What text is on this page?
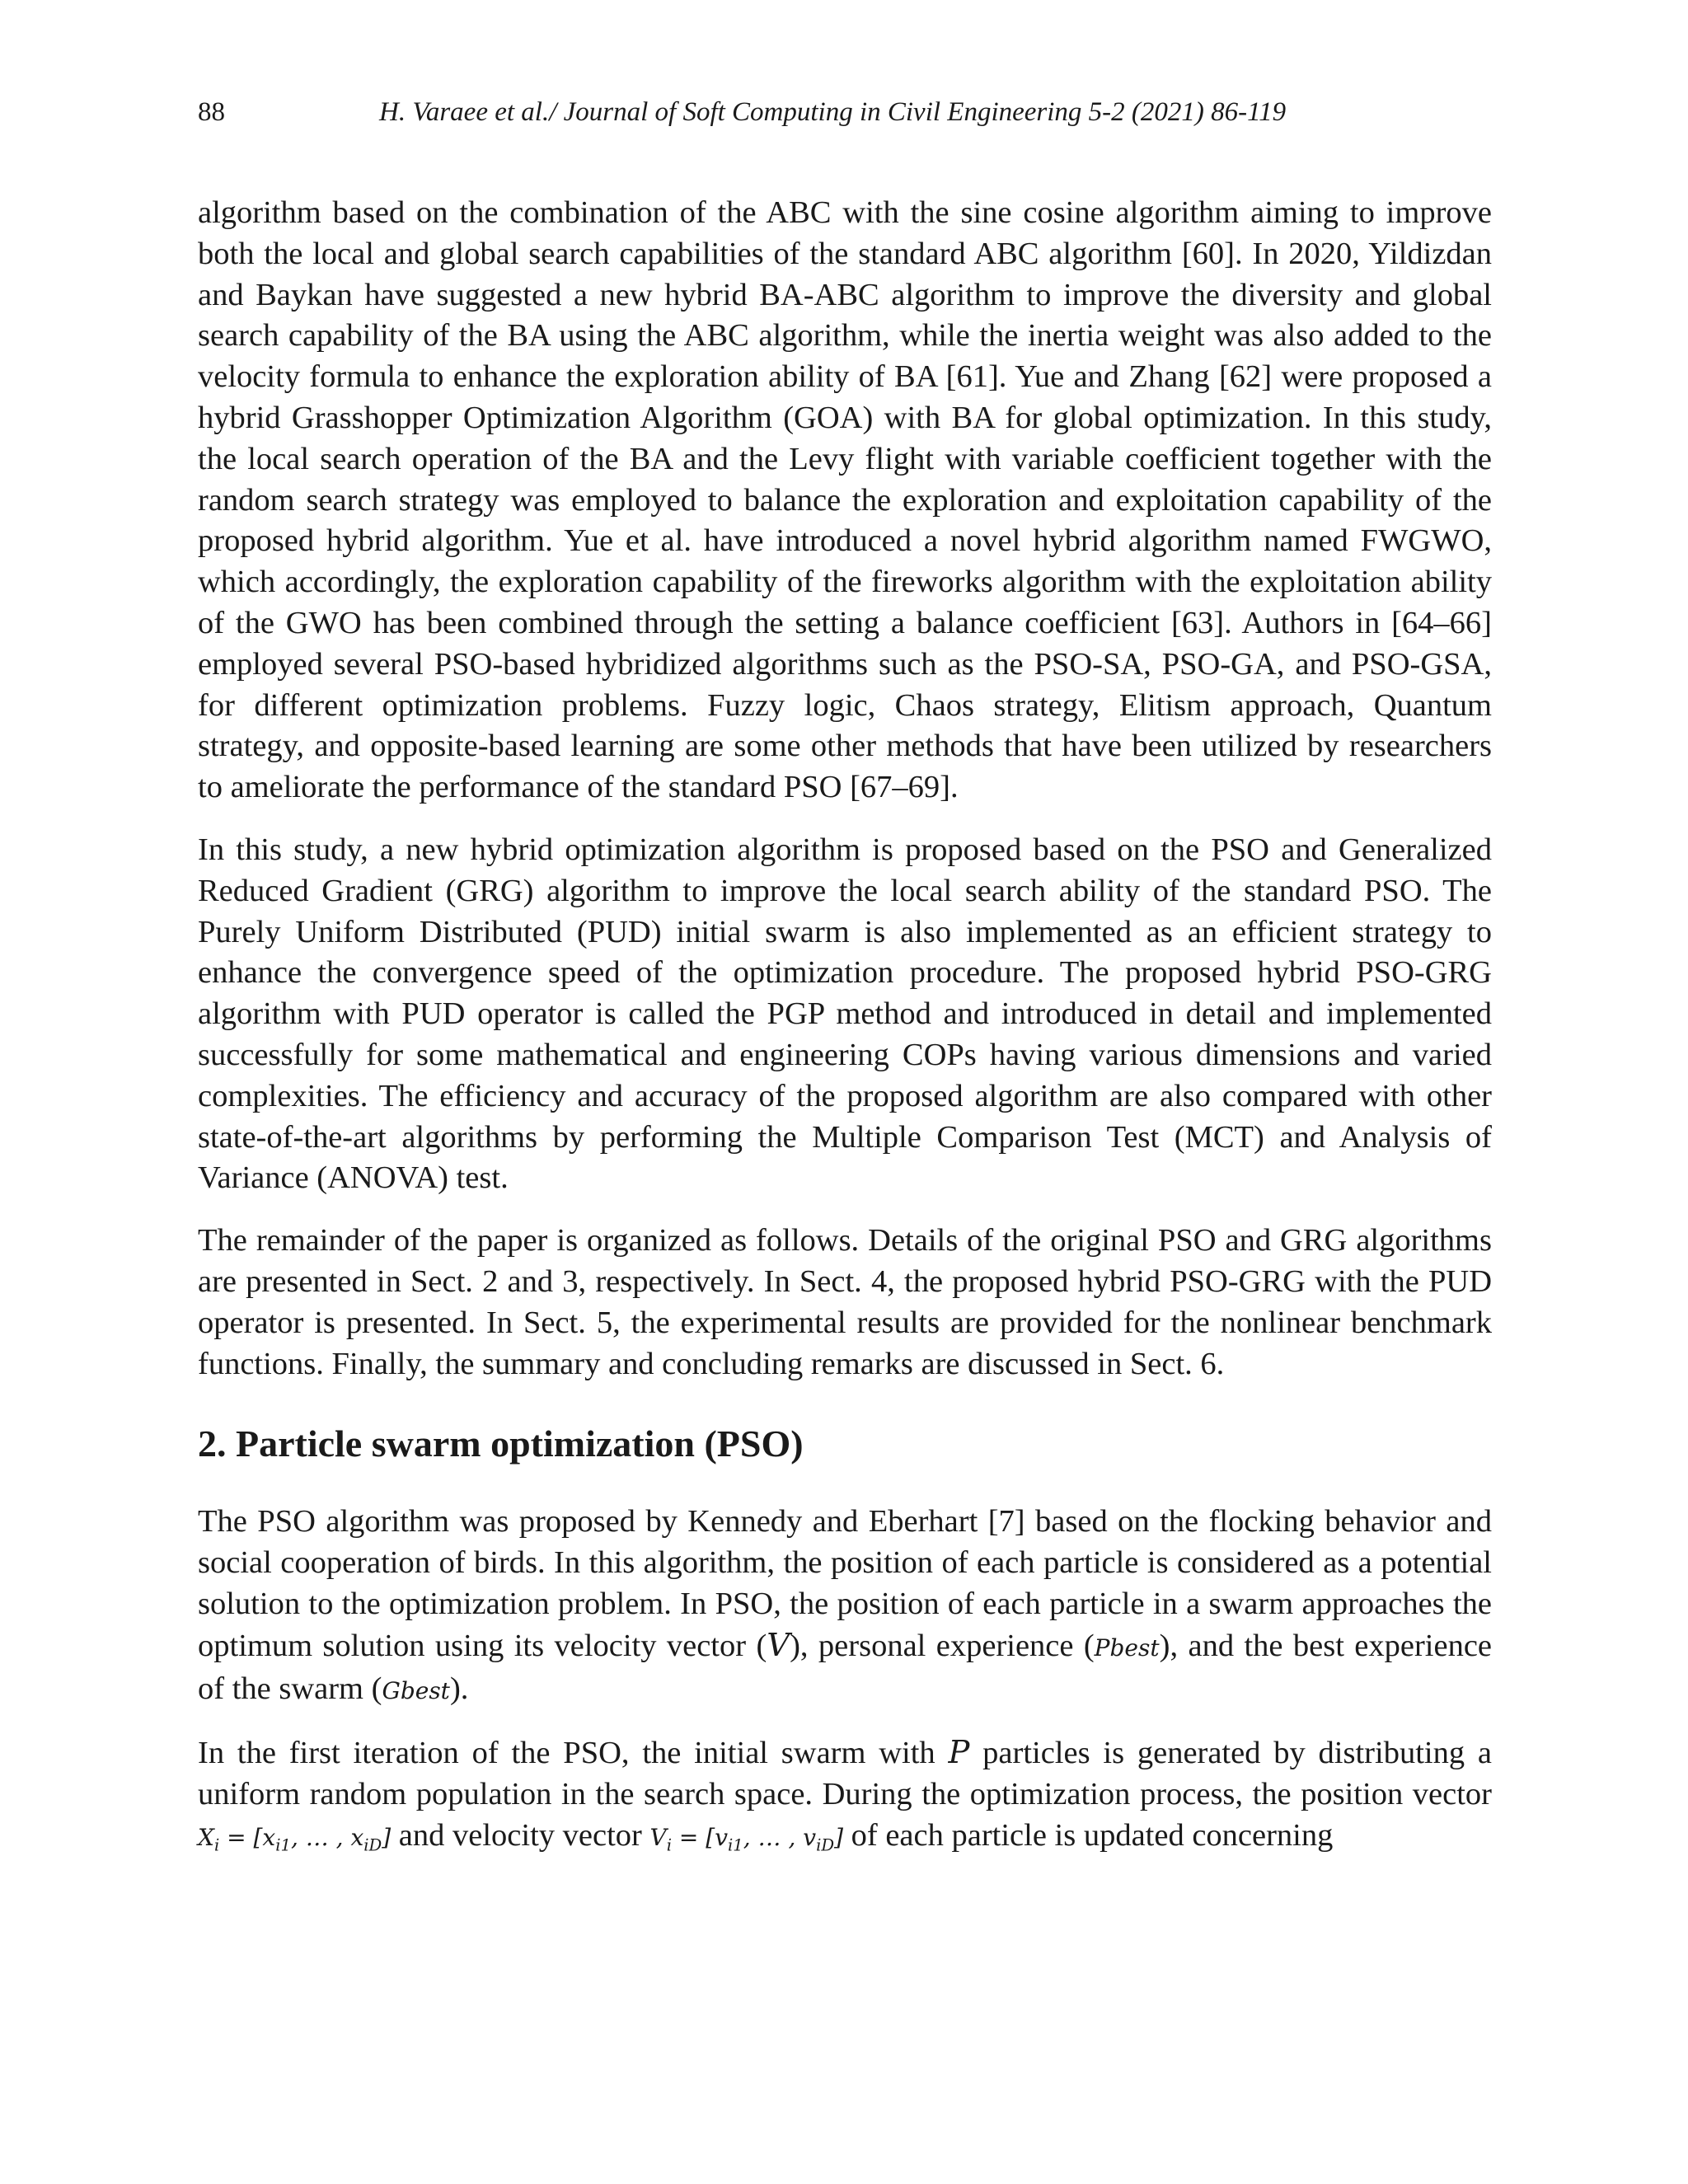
88	H. Varaee et al./ Journal of Soft Computing in Civil Engineering 5-2 (2021) 86-119

algorithm based on the combination of the ABC with the sine cosine algorithm aiming to improve both the local and global search capabilities of the standard ABC algorithm [60]. In 2020, Yildizdan and Baykan have suggested a new hybrid BA-ABC algorithm to improve the diversity and global search capability of the BA using the ABC algorithm, while the inertia weight was also added to the velocity formula to enhance the exploration ability of BA [61]. Yue and Zhang [62] were proposed a hybrid Grasshopper Optimization Algorithm (GOA) with BA for global optimization. In this study, the local search operation of the BA and the Levy flight with variable coefficient together with the random search strategy was employed to balance the exploration and exploitation capability of the proposed hybrid algorithm. Yue et al. have introduced a novel hybrid algorithm named FWGWO, which accordingly, the exploration capability of the fireworks algorithm with the exploitation ability of the GWO has been combined through the setting a balance coefficient [63]. Authors in [64–66] employed several PSO-based hybridized algorithms such as the PSO-SA, PSO-GA, and PSO-GSA, for different optimization problems. Fuzzy logic, Chaos strategy, Elitism approach, Quantum strategy, and opposite-based learning are some other methods that have been utilized by researchers to ameliorate the performance of the standard PSO [67–69].

In this study, a new hybrid optimization algorithm is proposed based on the PSO and Generalized Reduced Gradient (GRG) algorithm to improve the local search ability of the standard PSO. The Purely Uniform Distributed (PUD) initial swarm is also implemented as an efficient strategy to enhance the convergence speed of the optimization procedure. The proposed hybrid PSO-GRG algorithm with PUD operator is called the PGP method and introduced in detail and implemented successfully for some mathematical and engineering COPs having various dimensions and varied complexities. The efficiency and accuracy of the proposed algorithm are also compared with other state-of-the-art algorithms by performing the Multiple Comparison Test (MCT) and Analysis of Variance (ANOVA) test.

The remainder of the paper is organized as follows. Details of the original PSO and GRG algorithms are presented in Sect. 2 and 3, respectively. In Sect. 4, the proposed hybrid PSO-GRG with the PUD operator is presented. In Sect. 5, the experimental results are provided for the nonlinear benchmark functions. Finally, the summary and concluding remarks are discussed in Sect. 6.

2. Particle swarm optimization (PSO)

The PSO algorithm was proposed by Kennedy and Eberhart [7] based on the flocking behavior and social cooperation of birds. In this algorithm, the position of each particle is considered as a potential solution to the optimization problem. In PSO, the position of each particle in a swarm approaches the optimum solution using its velocity vector (V), personal experience (Pbest), and the best experience of the swarm (Gbest).

In the first iteration of the PSO, the initial swarm with P particles is generated by distributing a uniform random population in the search space. During the optimization process, the position vector $X_i = [x_{i1}$, … , $x_{iD}$] and velocity vector $V_i = [v_{i1}$, … , $v_{iD}$] of each particle is updated concerning
